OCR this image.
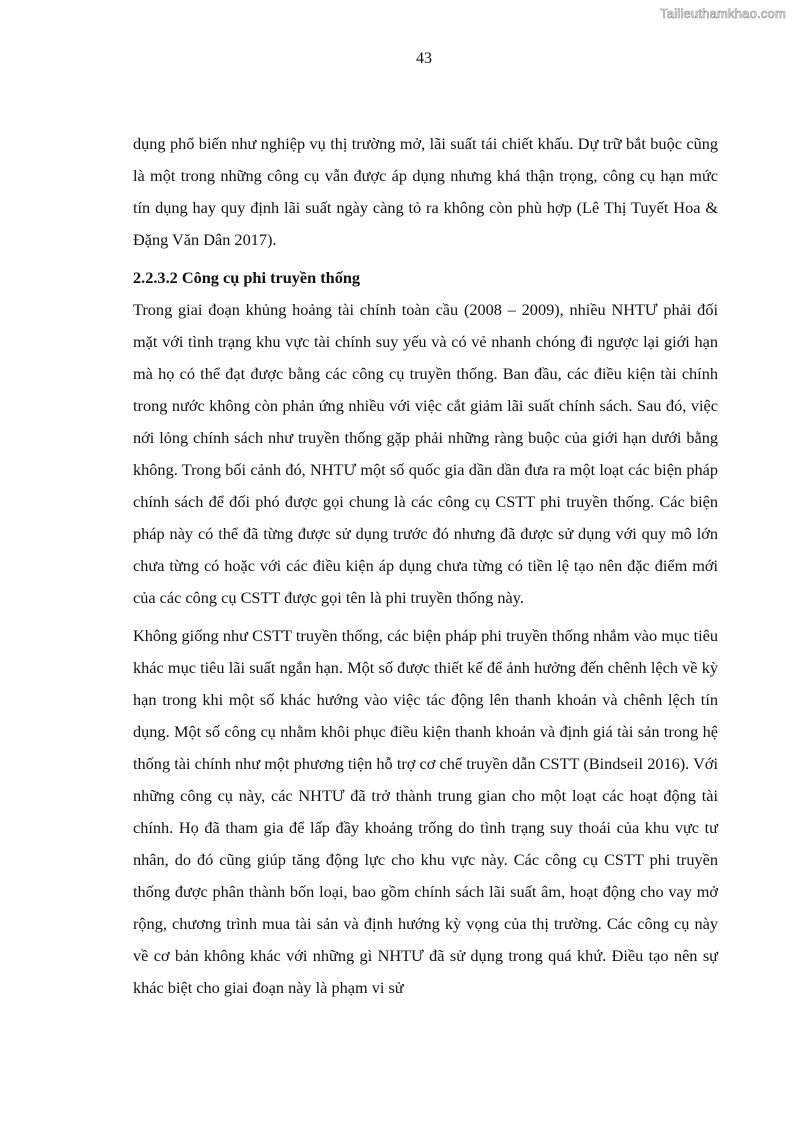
Tailieuthamkhao.com
43

dụng phổ biến như nghiệp vụ thị trường mở, lãi suất tái chiết khấu. Dự trữ bắt buộc cũng là một trong những công cụ vẫn được áp dụng nhưng khá thận trọng, công cụ hạn mức tín dụng hay quy định lãi suất ngày càng tỏ ra không còn phù hợp (Lê Thị Tuyết Hoa & Đặng Văn Dân 2017).

2.2.3.2 Công cụ phi truyền thống

Trong giai đoạn khủng hoảng tài chính toàn cầu (2008 – 2009), nhiều NHTƯ phải đối mặt với tình trạng khu vực tài chính suy yếu và có vẻ nhanh chóng đi ngược lại giới hạn mà họ có thể đạt được bằng các công cụ truyền thống. Ban đầu, các điều kiện tài chính trong nước không còn phản ứng nhiều với việc cắt giảm lãi suất chính sách. Sau đó, việc nới lỏng chính sách như truyền thống gặp phải những ràng buộc của giới hạn dưới bằng không. Trong bối cảnh đó, NHTƯ một số quốc gia dần dần đưa ra một loạt các biện pháp chính sách để đối phó được gọi chung là các công cụ CSTT phi truyền thống. Các biện pháp này có thể đã từng được sử dụng trước đó nhưng đã được sử dụng với quy mô lớn chưa từng có hoặc với các điều kiện áp dụng chưa từng có tiền lệ tạo nên đặc điểm mới của các công cụ CSTT được gọi tên là phi truyền thống này.

Không giống như CSTT truyền thống, các biện pháp phi truyền thống nhắm vào mục tiêu khác mục tiêu lãi suất ngắn hạn. Một số được thiết kế để ảnh hưởng đến chênh lệch về kỳ hạn trong khi một số khác hướng vào việc tác động lên thanh khoản và chênh lệch tín dụng. Một số công cụ nhằm khôi phục điều kiện thanh khoản và định giá tài sản trong hệ thống tài chính như một phương tiện hỗ trợ cơ chế truyền dẫn CSTT (Bindseil 2016). Với những công cụ này, các NHTƯ đã trở thành trung gian cho một loạt các hoạt động tài chính. Họ đã tham gia để lấp đầy khoảng trống do tình trạng suy thoái của khu vực tư nhân, do đó cũng giúp tăng động lực cho khu vực này. Các công cụ CSTT phi truyền thống được phân thành bốn loại, bao gồm chính sách lãi suất âm, hoạt động cho vay mở rộng, chương trình mua tài sản và định hướng kỳ vọng của thị trường. Các công cụ này về cơ bản không khác với những gì NHTƯ đã sử dụng trong quá khứ. Điều tạo nên sự khác biệt cho giai đoạn này là phạm vi sử
